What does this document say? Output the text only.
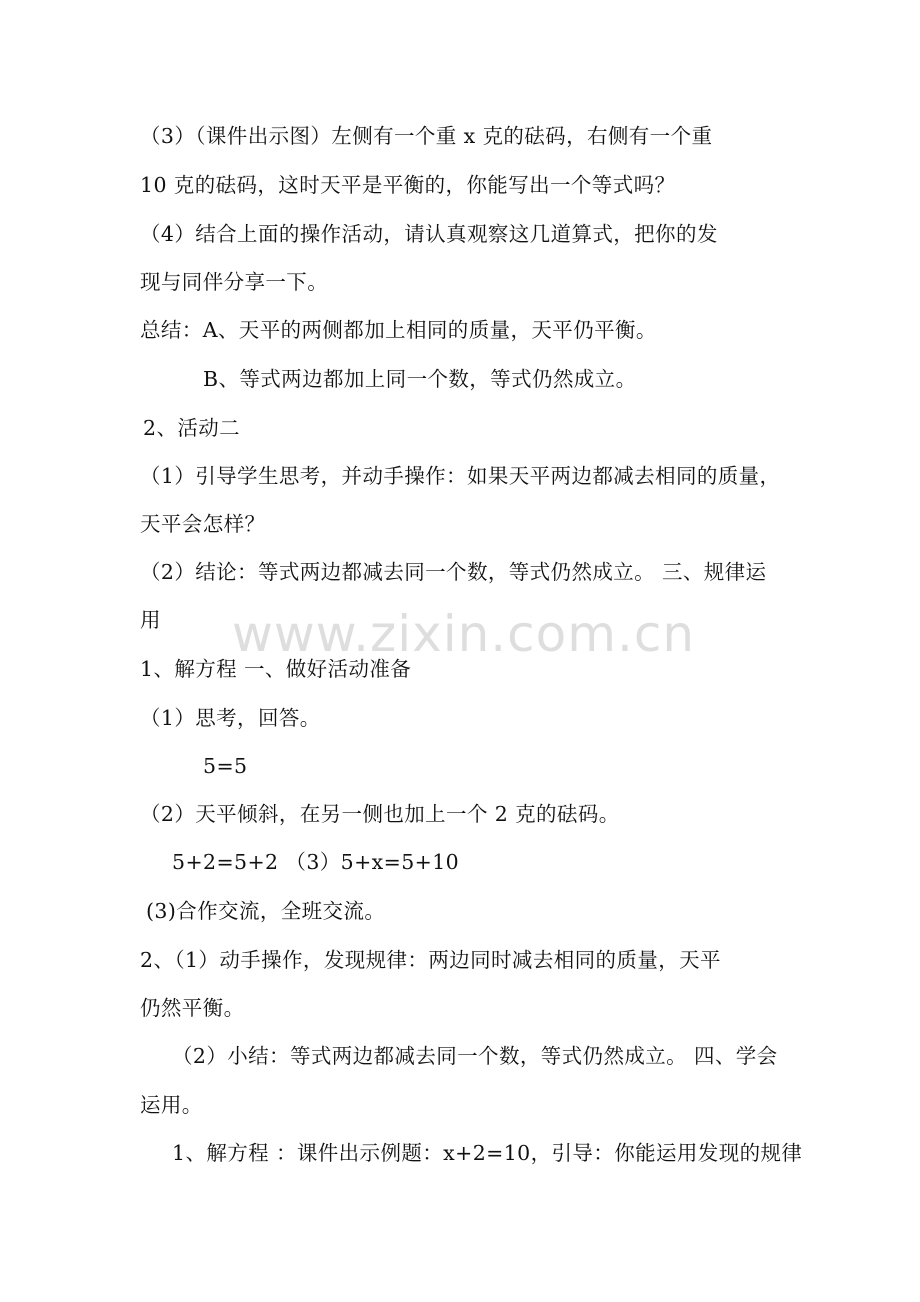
www.zixin.com.cn
（3）（课件出示图）左侧有一个重 x 克的砝码，右侧有一个重
10 克的砝码，这时天平是平衡的，你能写出一个等式吗？
（4）结合上面的操作活动，请认真观察这几道算式，把你的发
现与同伴分享一下。
总结：A、天平的两侧都加上相同的质量，天平仍平衡。
B、等式两边都加上同一个数，等式仍然成立。
2、活动二
（1）引导学生思考，并动手操作：如果天平两边都减去相同的质量，
天平会怎样？
（2）结论：等式两边都减去同一个数，等式仍然成立。 三、规律运
用
1、解方程 一、做好活动准备
（1）思考，回答。
5=5
（2）天平倾斜，在另一侧也加上一个 2 克的砝码。
5+2=5+2 （3）5+x=5+10
(3)合作交流，全班交流。
2、（1）动手操作，发现规律：两边同时减去相同的质量，天平
仍然平衡。
（2）小结：等式两边都减去同一个数，等式仍然成立。 四、学会
运用。
1、解方程 ：课件出示例题：x+2=10，引导：你能运用发现的规律
